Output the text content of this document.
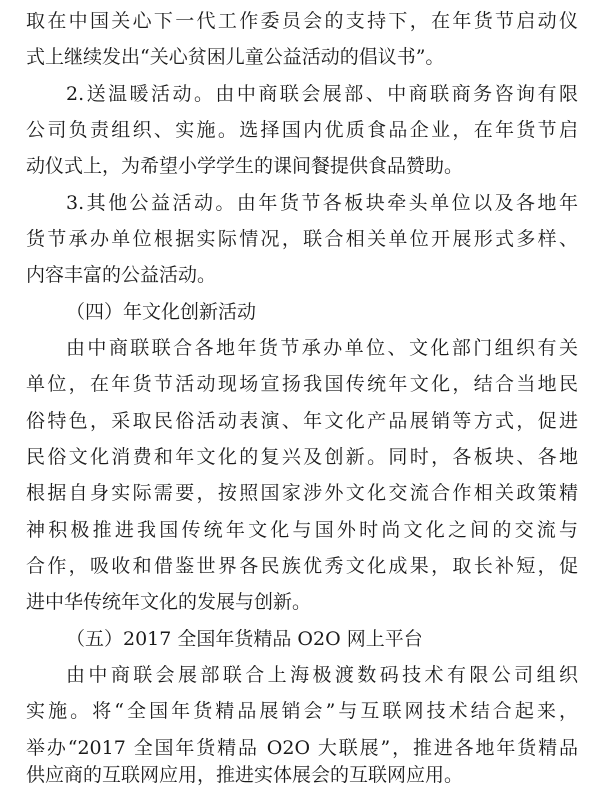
取在中国关心下一代工作委员会的支持下，在年货节启动仪
式上继续发出“关心贫困儿童公益活动的倡议书”。
2.送温暖活动。由中商联会展部、中商联商务咨询有限
公司负责组织、实施。选择国内优质食品企业，在年货节启
动仪式上，为希望小学学生的课间餐提供食品赞助。
3.其他公益活动。由年货节各板块牵头单位以及各地年
货节承办单位根据实际情况，联合相关单位开展形式多样、
内容丰富的公益活动。
（四）年文化创新活动
由中商联联合各地年货节承办单位、文化部门组织有关
单位，在年货节活动现场宣扬我国传统年文化，结合当地民
俗特色，采取民俗活动表演、年文化产品展销等方式，促进
民俗文化消费和年文化的复兴及创新。同时，各板块、各地
根据自身实际需要，按照国家涉外文化交流合作相关政策精
神积极推进我国传统年文化与国外时尚文化之间的交流与
合作，吸收和借鉴世界各民族优秀文化成果，取长补短，促
进中华传统年文化的发展与创新。
（五）2017 全国年货精品 O2O 网上平台
由中商联会展部联合上海极渡数码技术有限公司组织
实施。将“全国年货精品展销会”与互联网技术结合起来，
举办“2017 全国年货精品 O2O 大联展”，推进各地年货精品
供应商的互联网应用，推进实体展会的互联网应用。
